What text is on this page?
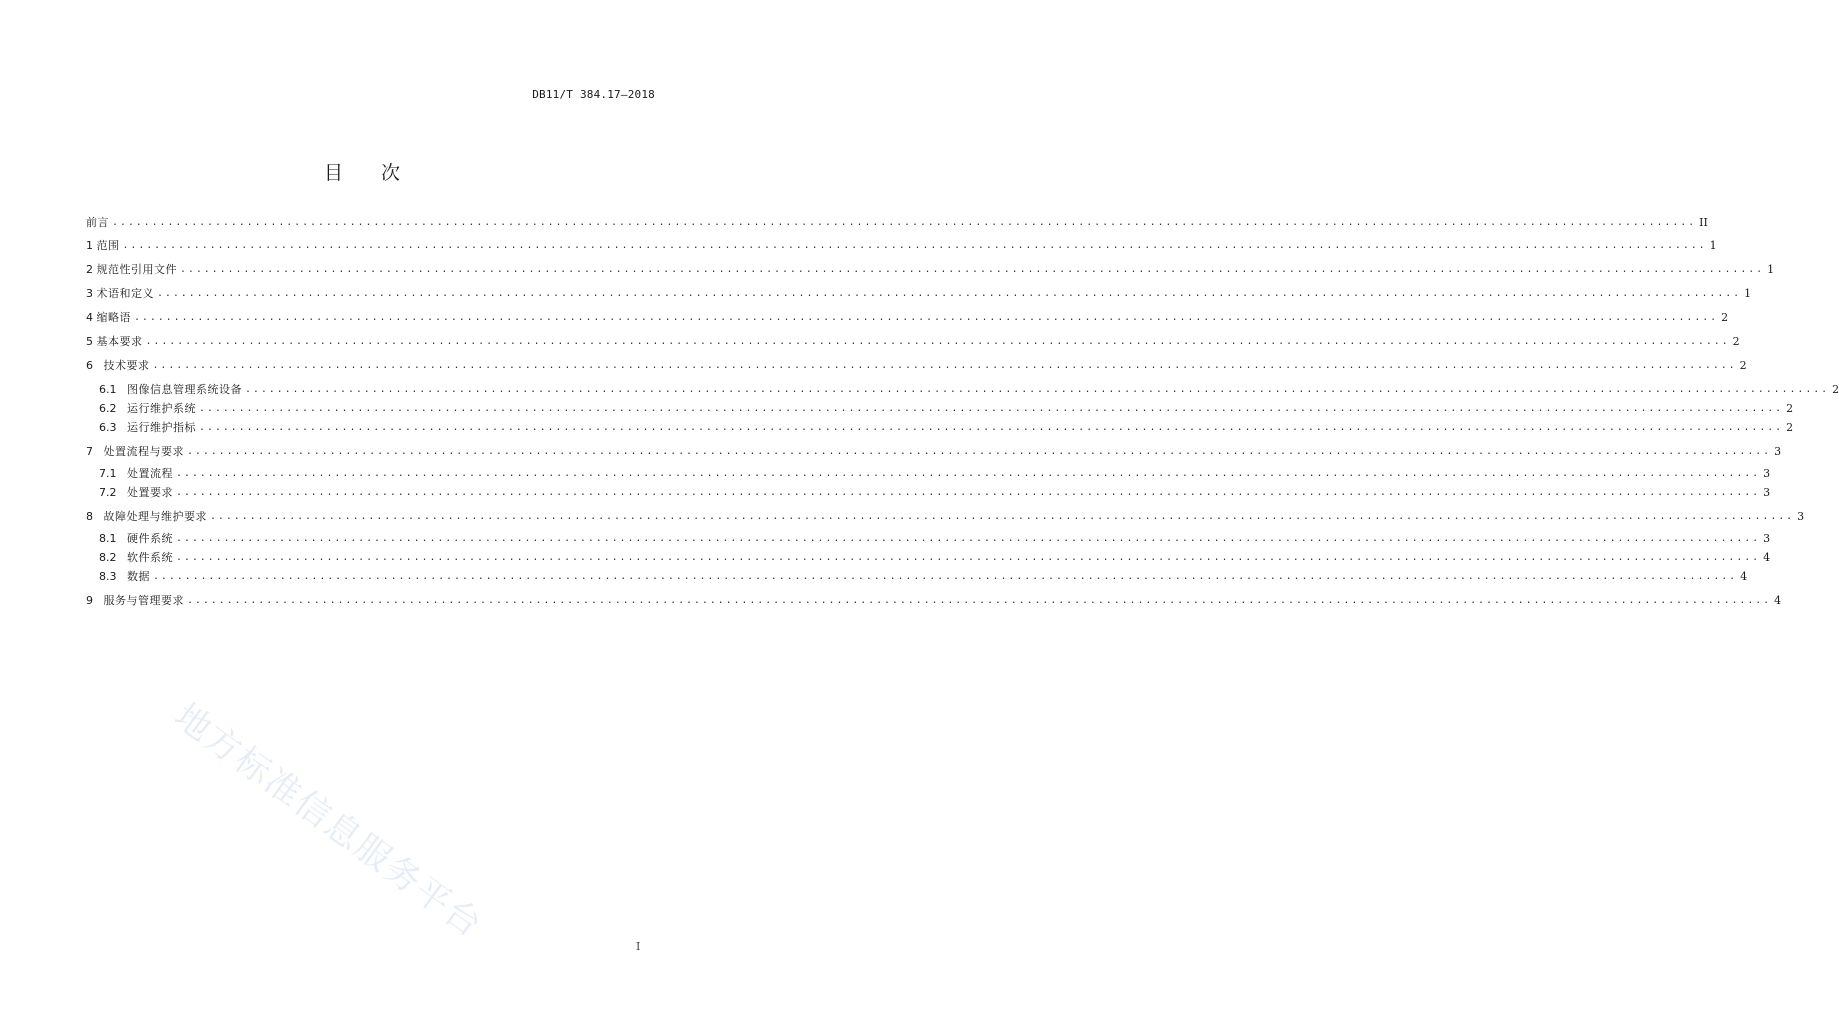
DB11/T 384.17—2018
目 次
前言 ........................................................................................................................................................................................................ II
1 范围 ........................................................................................................................................................................................................ 1
2 规范性引用文件 ........................................................................................................................................................................................................ 1
3 术语和定义 ........................................................................................................................................................................................................ 1
4 缩略语 ........................................................................................................................................................................................................ 2
5 基本要求 ........................................................................................................................................................................................................ 2
6 技术要求 ........................................................................................................................................................................................................ 2
6.1 图像信息管理系统设备 ........................................................................................................................................................................................................ 2
6.2 运行维护系统 ........................................................................................................................................................................................................ 2
6.3 运行维护指标 ........................................................................................................................................................................................................ 2
7 处置流程与要求 ........................................................................................................................................................................................................ 3
7.1 处置流程 ........................................................................................................................................................................................................ 3
7.2 处置要求 ........................................................................................................................................................................................................ 3
8 故障处理与维护要求 ........................................................................................................................................................................................................ 3
8.1 硬件系统 ........................................................................................................................................................................................................ 3
8.2 软件系统 ........................................................................................................................................................................................................ 4
8.3 数据 ........................................................................................................................................................................................................ 4
9 服务与管理要求 ........................................................................................................................................................................................................ 4
地方标准信息服务平台
I
